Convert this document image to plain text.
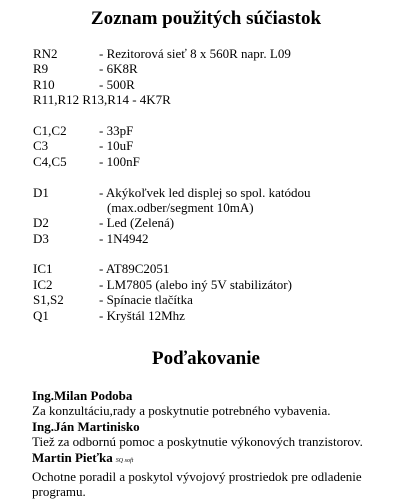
Zoznam použitých súčiastok
RN2	- Rezitorová sieť 8 x 560R napr. L09
R9	- 6K8R
R10	- 500R
R11,R12 R13,R14 - 4K7R
C1,C2 - 33pF
C3	- 10uF
C4,C5 - 100nF
D1	- Akýkoľvek led displej so spol. katódou
(max.odber/segment 10mA)
D2	- Led (Zelená)
D3	- 1N4942
IC1	- AT89C2051
IC2	- LM7805 (alebo iný 5V stabilizátor)
S1,S2	- Spínacie tlačítka
Q1	- Kryštál 12Mhz
Poďakovanie

Ing.Milan Podoba

Za konzultáciu,rady a poskytnutie potrebného vybavenia.

Ing.Ján Martinisko

Tiež za odbornú pomoc a poskytnutie výkonových tranzistorov.

Martin Pieťka SQ soft

Ochotne poradil a poskytol vývojový prostriedok pre odladenie programu.
